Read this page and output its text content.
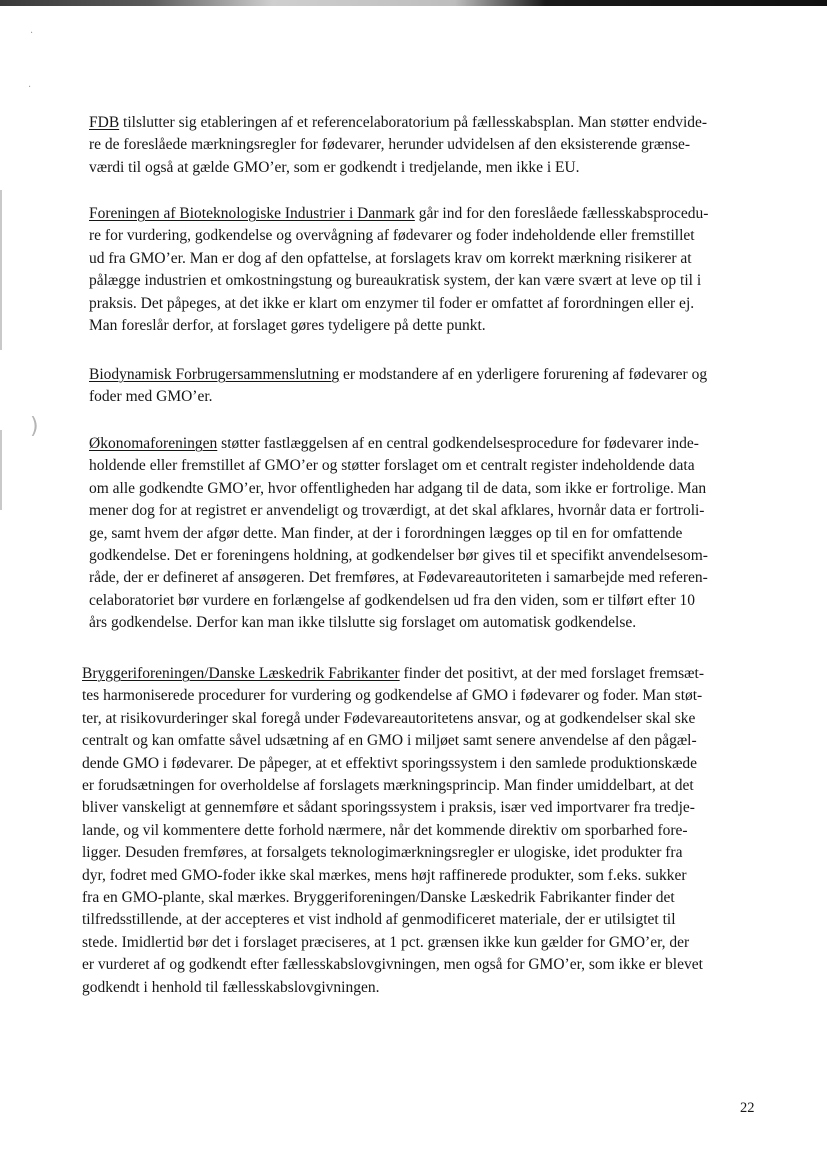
·
·
)

FDB tilslutter sig etableringen af et referencelaboratorium på fællesskabsplan. Man støtter endvide-
re de foreslåede mærkningsregler for fødevarer, herunder udvidelsen af den eksisterende grænse-
værdi til også at gælde GMO’er, som er godkendt i tredjelande, men ikke i EU.

Foreningen af Bioteknologiske Industrier i Danmark går ind for den foreslåede fællesskabsprocedu-
re for vurdering, godkendelse og overvågning af fødevarer og foder indeholdende eller fremstillet
ud fra GMO’er. Man er dog af den opfattelse, at forslagets krav om korrekt mærkning risikerer at
pålægge industrien et omkostningstung og bureaukratisk system, der kan være svært at leve op til i
praksis. Det påpeges, at det ikke er klart om enzymer til foder er omfattet af forordningen eller ej.
Man foreslår derfor, at forslaget gøres tydeligere på dette punkt.

Biodynamisk Forbrugersammenslutning er modstandere af en yderligere forurening af fødevarer og
foder med GMO’er.

Økonomaforeningen støtter fastlæggelsen af en central godkendelsesprocedure for fødevarer inde-
holdende eller fremstillet af GMO’er og støtter forslaget om et centralt register indeholdende data
om alle godkendte GMO’er, hvor offentligheden har adgang til de data, som ikke er fortrolige. Man
mener dog for at registret er anvendeligt og troværdigt, at det skal afklares, hvornår data er fortroli-
ge, samt hvem der afgør dette. Man finder, at der i forordningen lægges op til en for omfattende
godkendelse. Det er foreningens holdning, at godkendelser bør gives til et specifikt anvendelsesom-
råde, der er defineret af ansøgeren. Det fremføres, at Fødevareautoriteten i samarbejde med referen-
celaboratoriet bør vurdere en forlængelse af godkendelsen ud fra den viden, som er tilført efter 10
års godkendelse. Derfor kan man ikke tilslutte sig forslaget om automatisk godkendelse.

Bryggeriforeningen/Danske Læskedrik Fabrikanter finder det positivt, at der med forslaget fremsæt-
tes harmoniserede procedurer for vurdering og godkendelse af GMO i fødevarer og foder. Man støt-
ter, at risikovurderinger skal foregå under Fødevareautoritetens ansvar, og at godkendelser skal ske
centralt og kan omfatte såvel udsætning af en GMO i miljøet samt senere anvendelse af den pågæl-
dende GMO i fødevarer. De påpeger, at et effektivt sporingssystem i den samlede produktionskæde
er forudsætningen for overholdelse af forslagets mærkningsprincip. Man finder umiddelbart, at det
bliver vanskeligt at gennemføre et sådant sporingssystem i praksis, især ved importvarer fra tredje-
lande, og vil kommentere dette forhold nærmere, når det kommende direktiv om sporbarhed fore-
ligger. Desuden fremføres, at forsalgets teknologimærkningsregler er ulogiske, idet produkter fra
dyr, fodret med GMO-foder ikke skal mærkes, mens højt raffinerede produkter, som f.eks. sukker
fra en GMO-plante, skal mærkes. Bryggeriforeningen/Danske Læskedrik Fabrikanter finder det
tilfredsstillende, at der accepteres et vist indhold af genmodificeret materiale, der er utilsigtet til
stede. Imidlertid bør det i forslaget præciseres, at 1 pct. grænsen ikke kun gælder for GMO’er, der
er vurderet af og godkendt efter fællesskabslovgivningen, men også for GMO’er, som ikke er blevet
godkendt i henhold til fællesskabslovgivningen.

22
